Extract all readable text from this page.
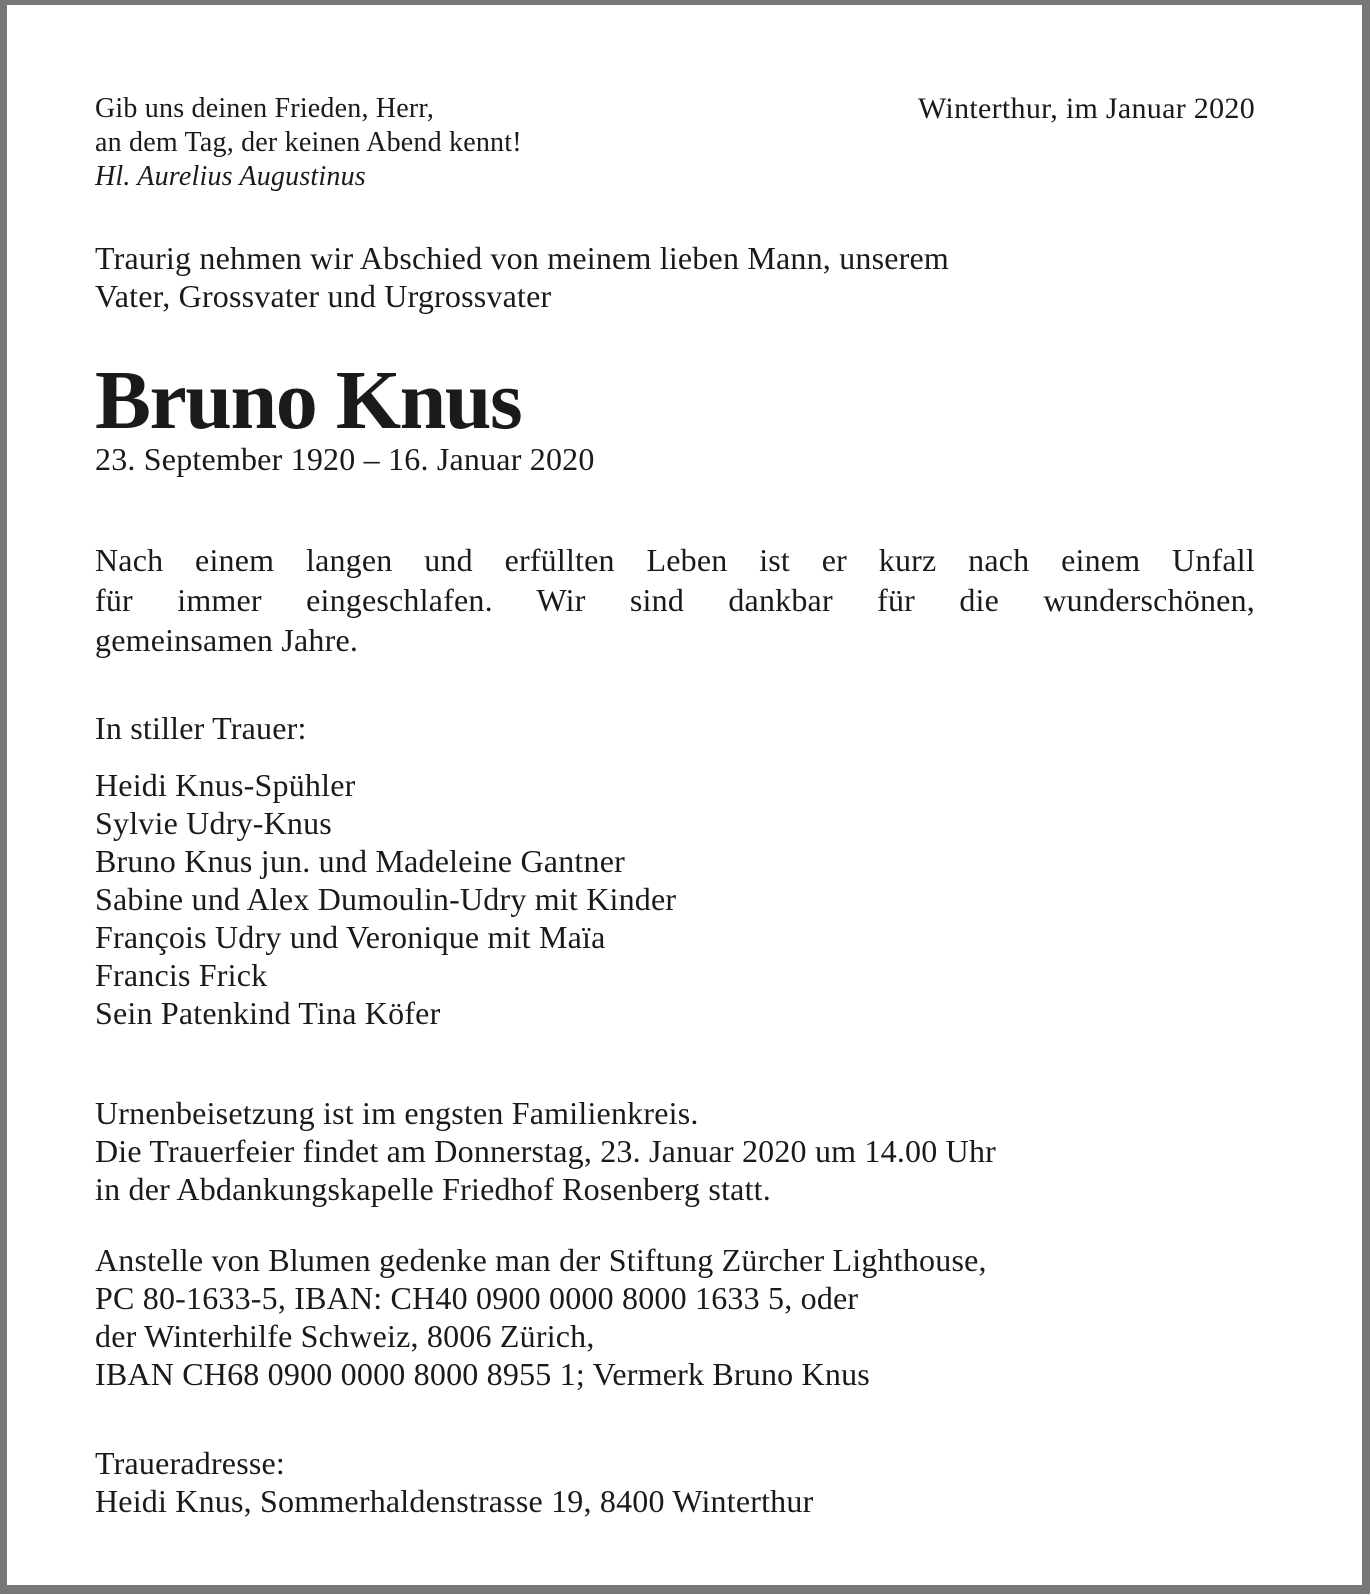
Gib uns deinen Frieden, Herr,
an dem Tag, der keinen Abend kennt!
Hl. Aurelius Augustinus
Winterthur, im Januar 2020
Traurig nehmen wir Abschied von meinem lieben Mann, unserem
Vater, Grossvater und Urgrossvater
Bruno Knus
23. September 1920 – 16. Januar 2020
Nach einem langen und erfüllten Leben ist er kurz nach einem Unfall
für immer eingeschlafen. Wir sind dankbar für die wunderschönen,
gemeinsamen Jahre.
In stiller Trauer:
Heidi Knus-Spühler
Sylvie Udry-Knus
Bruno Knus jun. und Madeleine Gantner
Sabine und Alex Dumoulin-Udry mit Kinder
François Udry und Veronique mit Maïa
Francis Frick
Sein Patenkind Tina Köfer
Urnenbeisetzung ist im engsten Familienkreis.
Die Trauerfeier findet am Donnerstag, 23. Januar 2020 um 14.00 Uhr
in der Abdankungskapelle Friedhof Rosenberg statt.
Anstelle von Blumen gedenke man der Stiftung Zürcher Lighthouse,
PC 80-1633-5, IBAN: CH40 0900 0000 8000 1633 5, oder
der Winterhilfe Schweiz, 8006 Zürich,
IBAN CH68 0900 0000 8000 8955 1; Vermerk Bruno Knus
Traueradresse:
Heidi Knus, Sommerhaldenstrasse 19, 8400 Winterthur
